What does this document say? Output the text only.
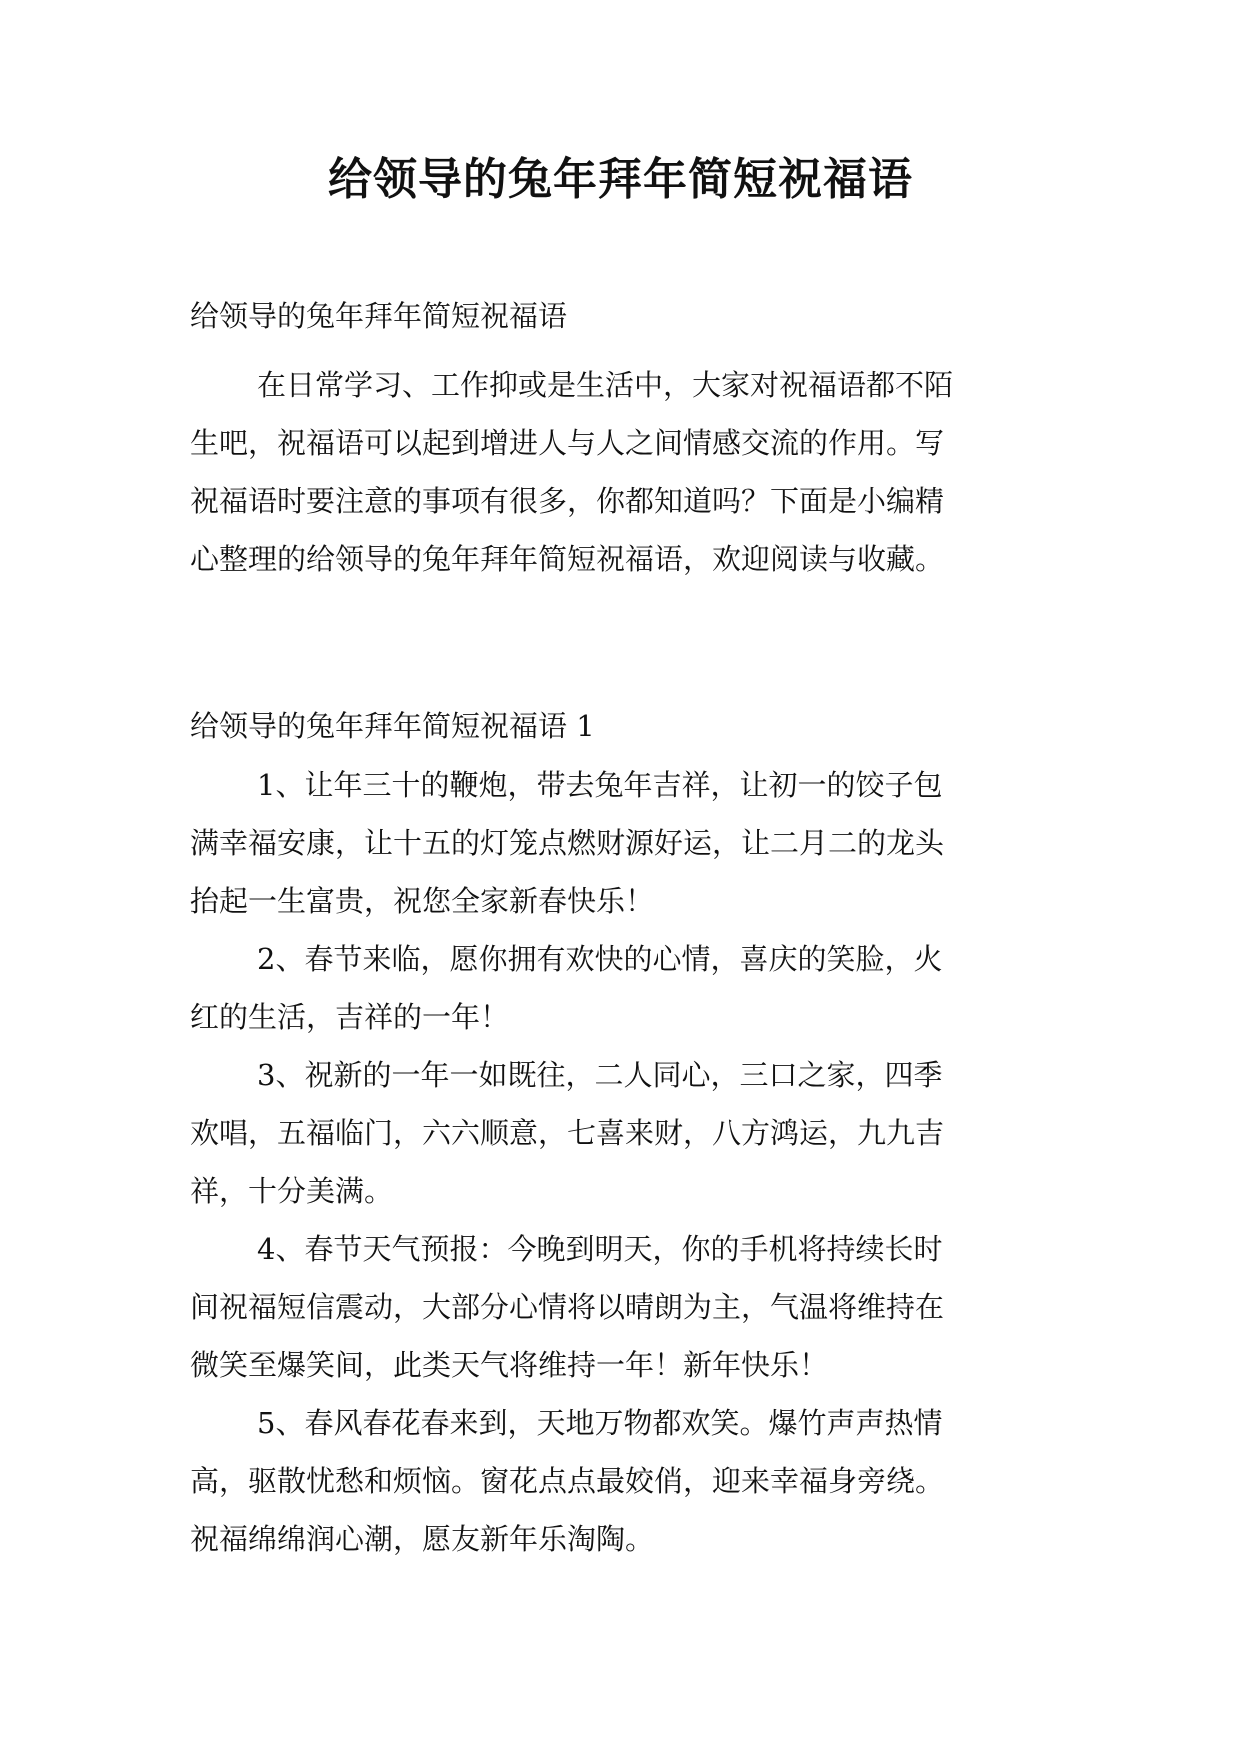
给领导的兔年拜年简短祝福语
给领导的兔年拜年简短祝福语
在日常学习、工作抑或是生活中，大家对祝福语都不陌
生吧，祝福语可以起到增进人与人之间情感交流的作用。写
祝福语时要注意的事项有很多，你都知道吗？下面是小编精
心整理的给领导的兔年拜年简短祝福语，欢迎阅读与收藏。
给领导的兔年拜年简短祝福语 1
1、让年三十的鞭炮，带去兔年吉祥，让初一的饺子包
满幸福安康，让十五的灯笼点燃财源好运，让二月二的龙头
抬起一生富贵，祝您全家新春快乐！
2、春节来临，愿你拥有欢快的心情，喜庆的笑脸，火
红的生活，吉祥的一年！
3、祝新的一年一如既往，二人同心，三口之家，四季
欢唱，五福临门，六六顺意，七喜来财，八方鸿运，九九吉
祥，十分美满。
4、春节天气预报：今晚到明天，你的手机将持续长时
间祝福短信震动，大部分心情将以晴朗为主，气温将维持在
微笑至爆笑间，此类天气将维持一年！新年快乐！
5、春风春花春来到，天地万物都欢笑。爆竹声声热情
高，驱散忧愁和烦恼。窗花点点最姣俏，迎来幸福身旁绕。
祝福绵绵润心潮，愿友新年乐淘陶。
